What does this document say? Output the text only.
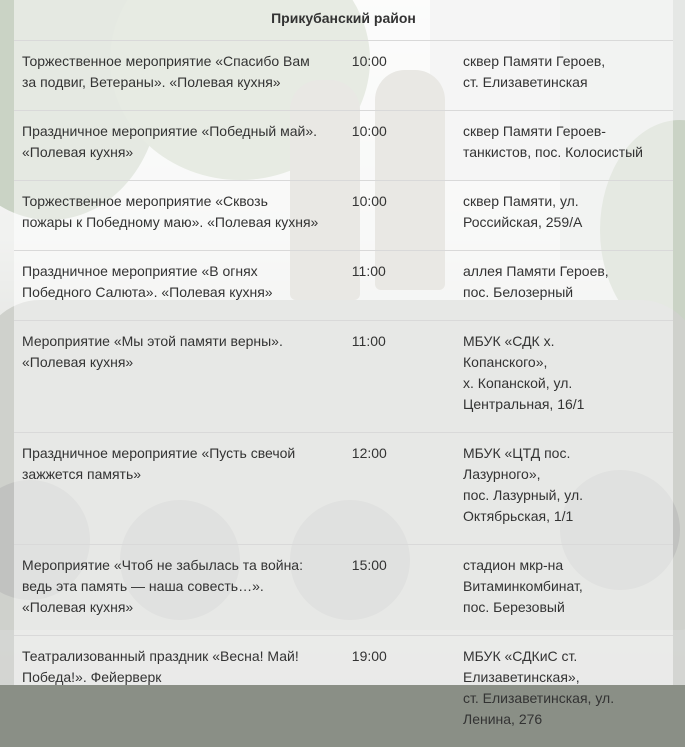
Прикубанский район
Торжественное мероприятие «Спасибо Вам
за подвиг, Ветераны». «Полевая кухня»	10:00	сквер Памяти Героев,
ст. Елизаветинская

Праздничное мероприятие «Победный май».
«Полевая кухня»	10:00	сквер Памяти Героев-
танкистов, пос. Колосистый

Торжественное мероприятие «Сквозь
пожары к Победному маю». «Полевая кухня»	10:00	сквер Памяти, ул.
Российская, 259/А

Праздничное мероприятие «В огнях
Победного Салюта». «Полевая кухня»	11:00	аллея Памяти Героев,
пос. Белозерный

Мероприятие «Мы этой памяти верны».
«Полевая кухня»	11:00	МБУК «СДК х.
Копанского»,
х. Копанской, ул.
Центральная, 16/1

Праздничное мероприятие «Пусть свечой
зажжется память»	12:00	МБУК «ЦТД пос.
Лазурного»,
пос. Лазурный, ул.
Октябрьская, 1/1

Мероприятие «Чтоб не забылась та война:
ведь эта память — наша совесть…».
«Полевая кухня»	15:00	стадион мкр-на
Витаминкомбинат,
пос. Березовый

Театрализованный праздник «Весна! Май!
Победа!». Фейерверк	19:00	МБУК «СДКиС ст.
Елизаветинская»,
ст. Елизаветинская, ул.
Ленина, 276
